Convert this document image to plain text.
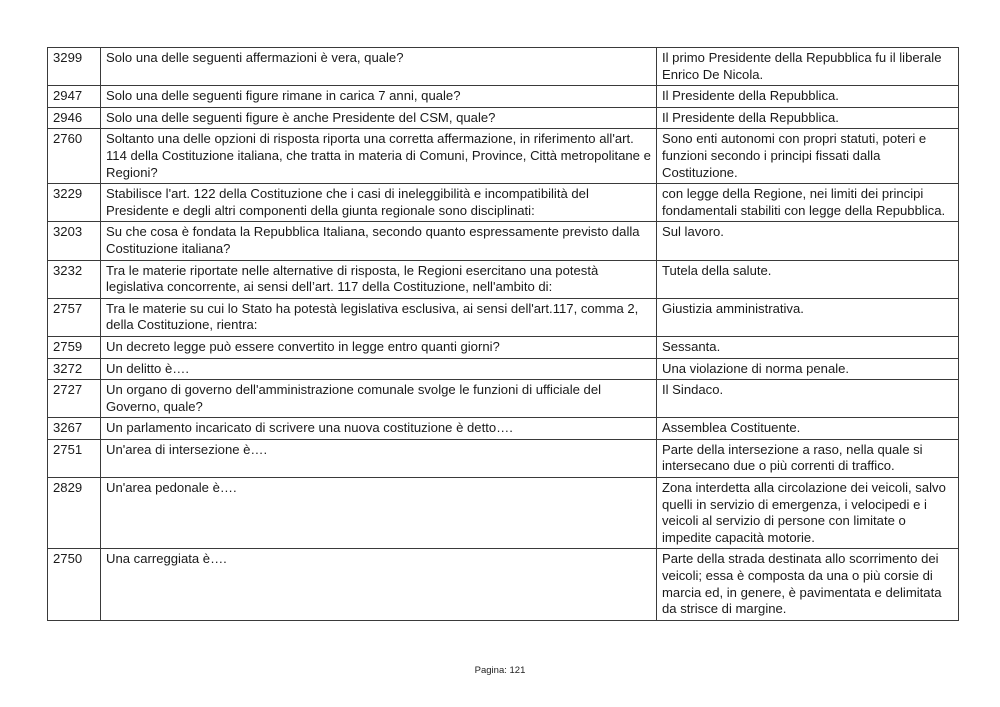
3299	Solo una delle seguenti affermazioni è vera, quale?	Il primo Presidente della Repubblica fu il liberale Enrico De Nicola.
2947	Solo una delle seguenti figure rimane in carica 7 anni, quale?	Il Presidente della Repubblica.
2946	Solo una delle seguenti figure è anche Presidente del CSM, quale?	Il Presidente della Repubblica.
2760	Soltanto una delle opzioni di risposta riporta una corretta affermazione, in riferimento all'art. 114 della Costituzione italiana, che tratta in materia di Comuni, Province, Città metropolitane e Regioni?	Sono enti autonomi con propri statuti, poteri e funzioni secondo i principi fissati dalla Costituzione.
3229	Stabilisce l'art. 122 della Costituzione che i casi di ineleggibilità e incompatibilità del Presidente e degli altri componenti della giunta regionale sono disciplinati:	con legge della Regione, nei limiti dei principi fondamentali stabiliti con legge della Repubblica.
3203	Su che cosa è fondata la Repubblica Italiana, secondo quanto espressamente previsto dalla Costituzione italiana?	Sul lavoro.
3232	Tra le materie riportate nelle alternative di risposta, le Regioni esercitano una potestà legislativa concorrente, ai sensi dell’art. 117 della Costituzione, nell'ambito di:	Tutela della salute.
2757	Tra le materie su cui lo Stato ha potestà legislativa esclusiva, ai sensi dell'art.117, comma 2, della Costituzione, rientra:	Giustizia amministrativa.
2759	Un decreto legge può essere convertito in legge entro quanti giorni?	Sessanta.
3272	Un delitto è….	Una violazione di norma penale.
2727	Un organo di governo dell'amministrazione comunale svolge le funzioni di ufficiale del Governo, quale?	Il Sindaco.
3267	Un parlamento incaricato di scrivere una nuova costituzione è detto….	Assemblea Costituente.
2751	Un'area di intersezione è….	Parte della intersezione a raso, nella quale si intersecano due o più correnti di traffico.
2829	Un'area pedonale è….	Zona interdetta alla circolazione dei veicoli, salvo quelli in servizio di emergenza, i velocipedi e i veicoli al servizio di persone con limitate o impedite capacità motorie.
2750	Una carreggiata è….	Parte della strada destinata allo scorrimento dei veicoli; essa è composta da una o più corsie di marcia ed, in genere, è pavimentata e delimitata da strisce di margine.
Pagina: 121
